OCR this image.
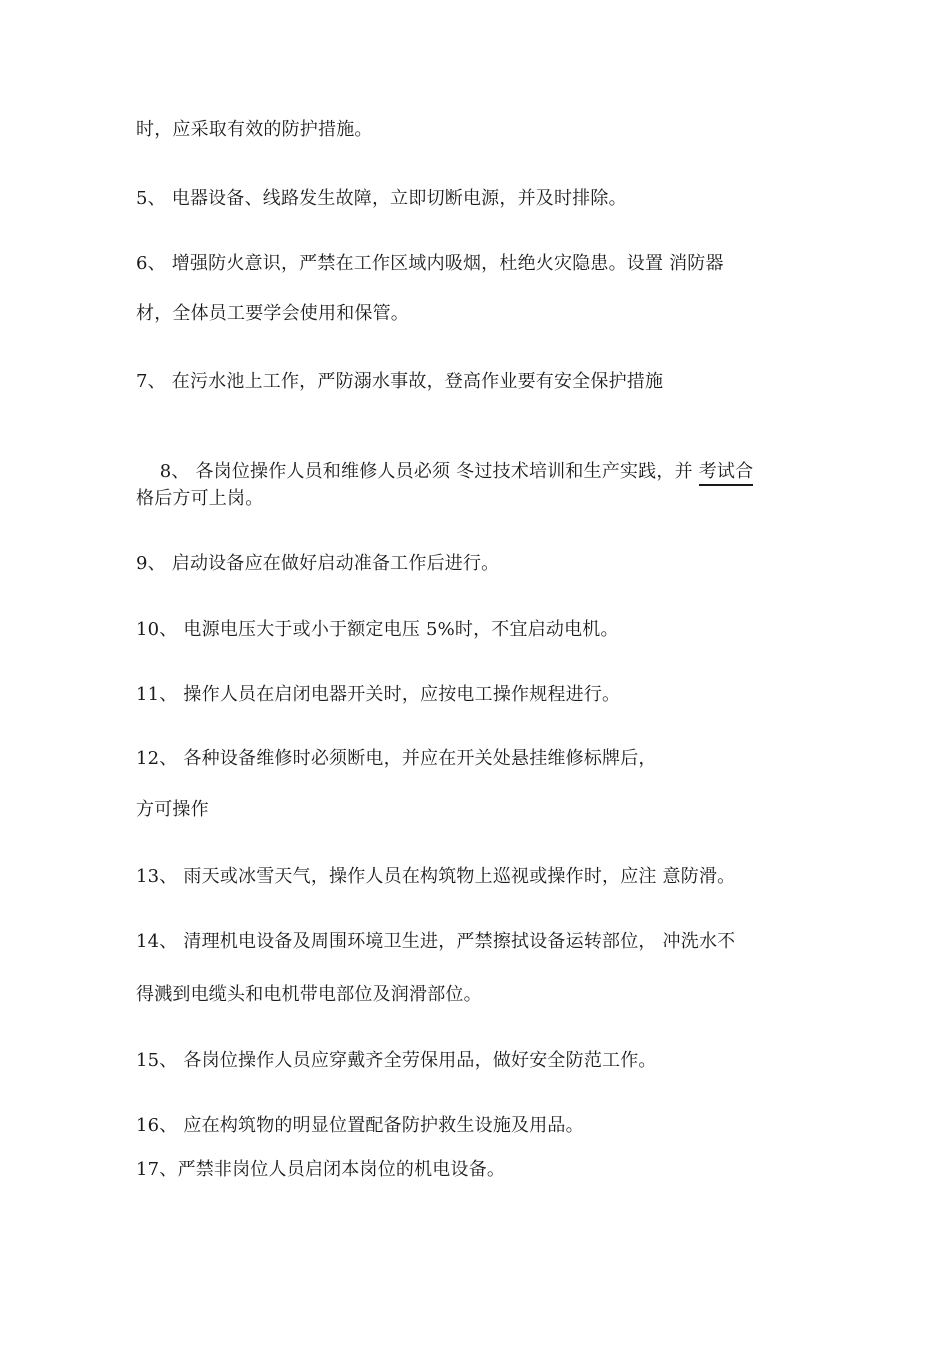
时，应采取有效的防护措施。
5、 电器设备、线路发生故障，立即切断电源，并及时排除。
6、 增强防火意识，严禁在工作区域内吸烟，杜绝火灾隐患。设置 消防器
材，全体员工要学会使用和保管。
7、 在污水池上工作，严防溺水事故，登高作业要有安全保护措施

8、 各岗位操作人员和维修人员必须 冬过技术培训和生产实践，并 考试合

格后方可上岗。
9、 启动设备应在做好启动准备工作后进行。
10、 电源电压大于或小于额定电压 5%时，不宜启动电机。
11、 操作人员在启闭电器开关时，应按电工操作规程进行。
12、 各种设备维修时必须断电，并应在开关处悬挂维修标牌后，
方可操作
13、 雨天或冰雪天气，操作人员在构筑物上巡视或操作时，应注 意防滑。
14、 清理机电设备及周围环境卫生进，严禁擦拭设备运转部位， 冲洗水不
得溅到电缆头和电机带电部位及润滑部位。
15、 各岗位操作人员应穿戴齐全劳保用品，做好安全防范工作。
16、 应在构筑物的明显位置配备防护救生设施及用品。
17、严禁非岗位人员启闭本岗位的机电设备。
